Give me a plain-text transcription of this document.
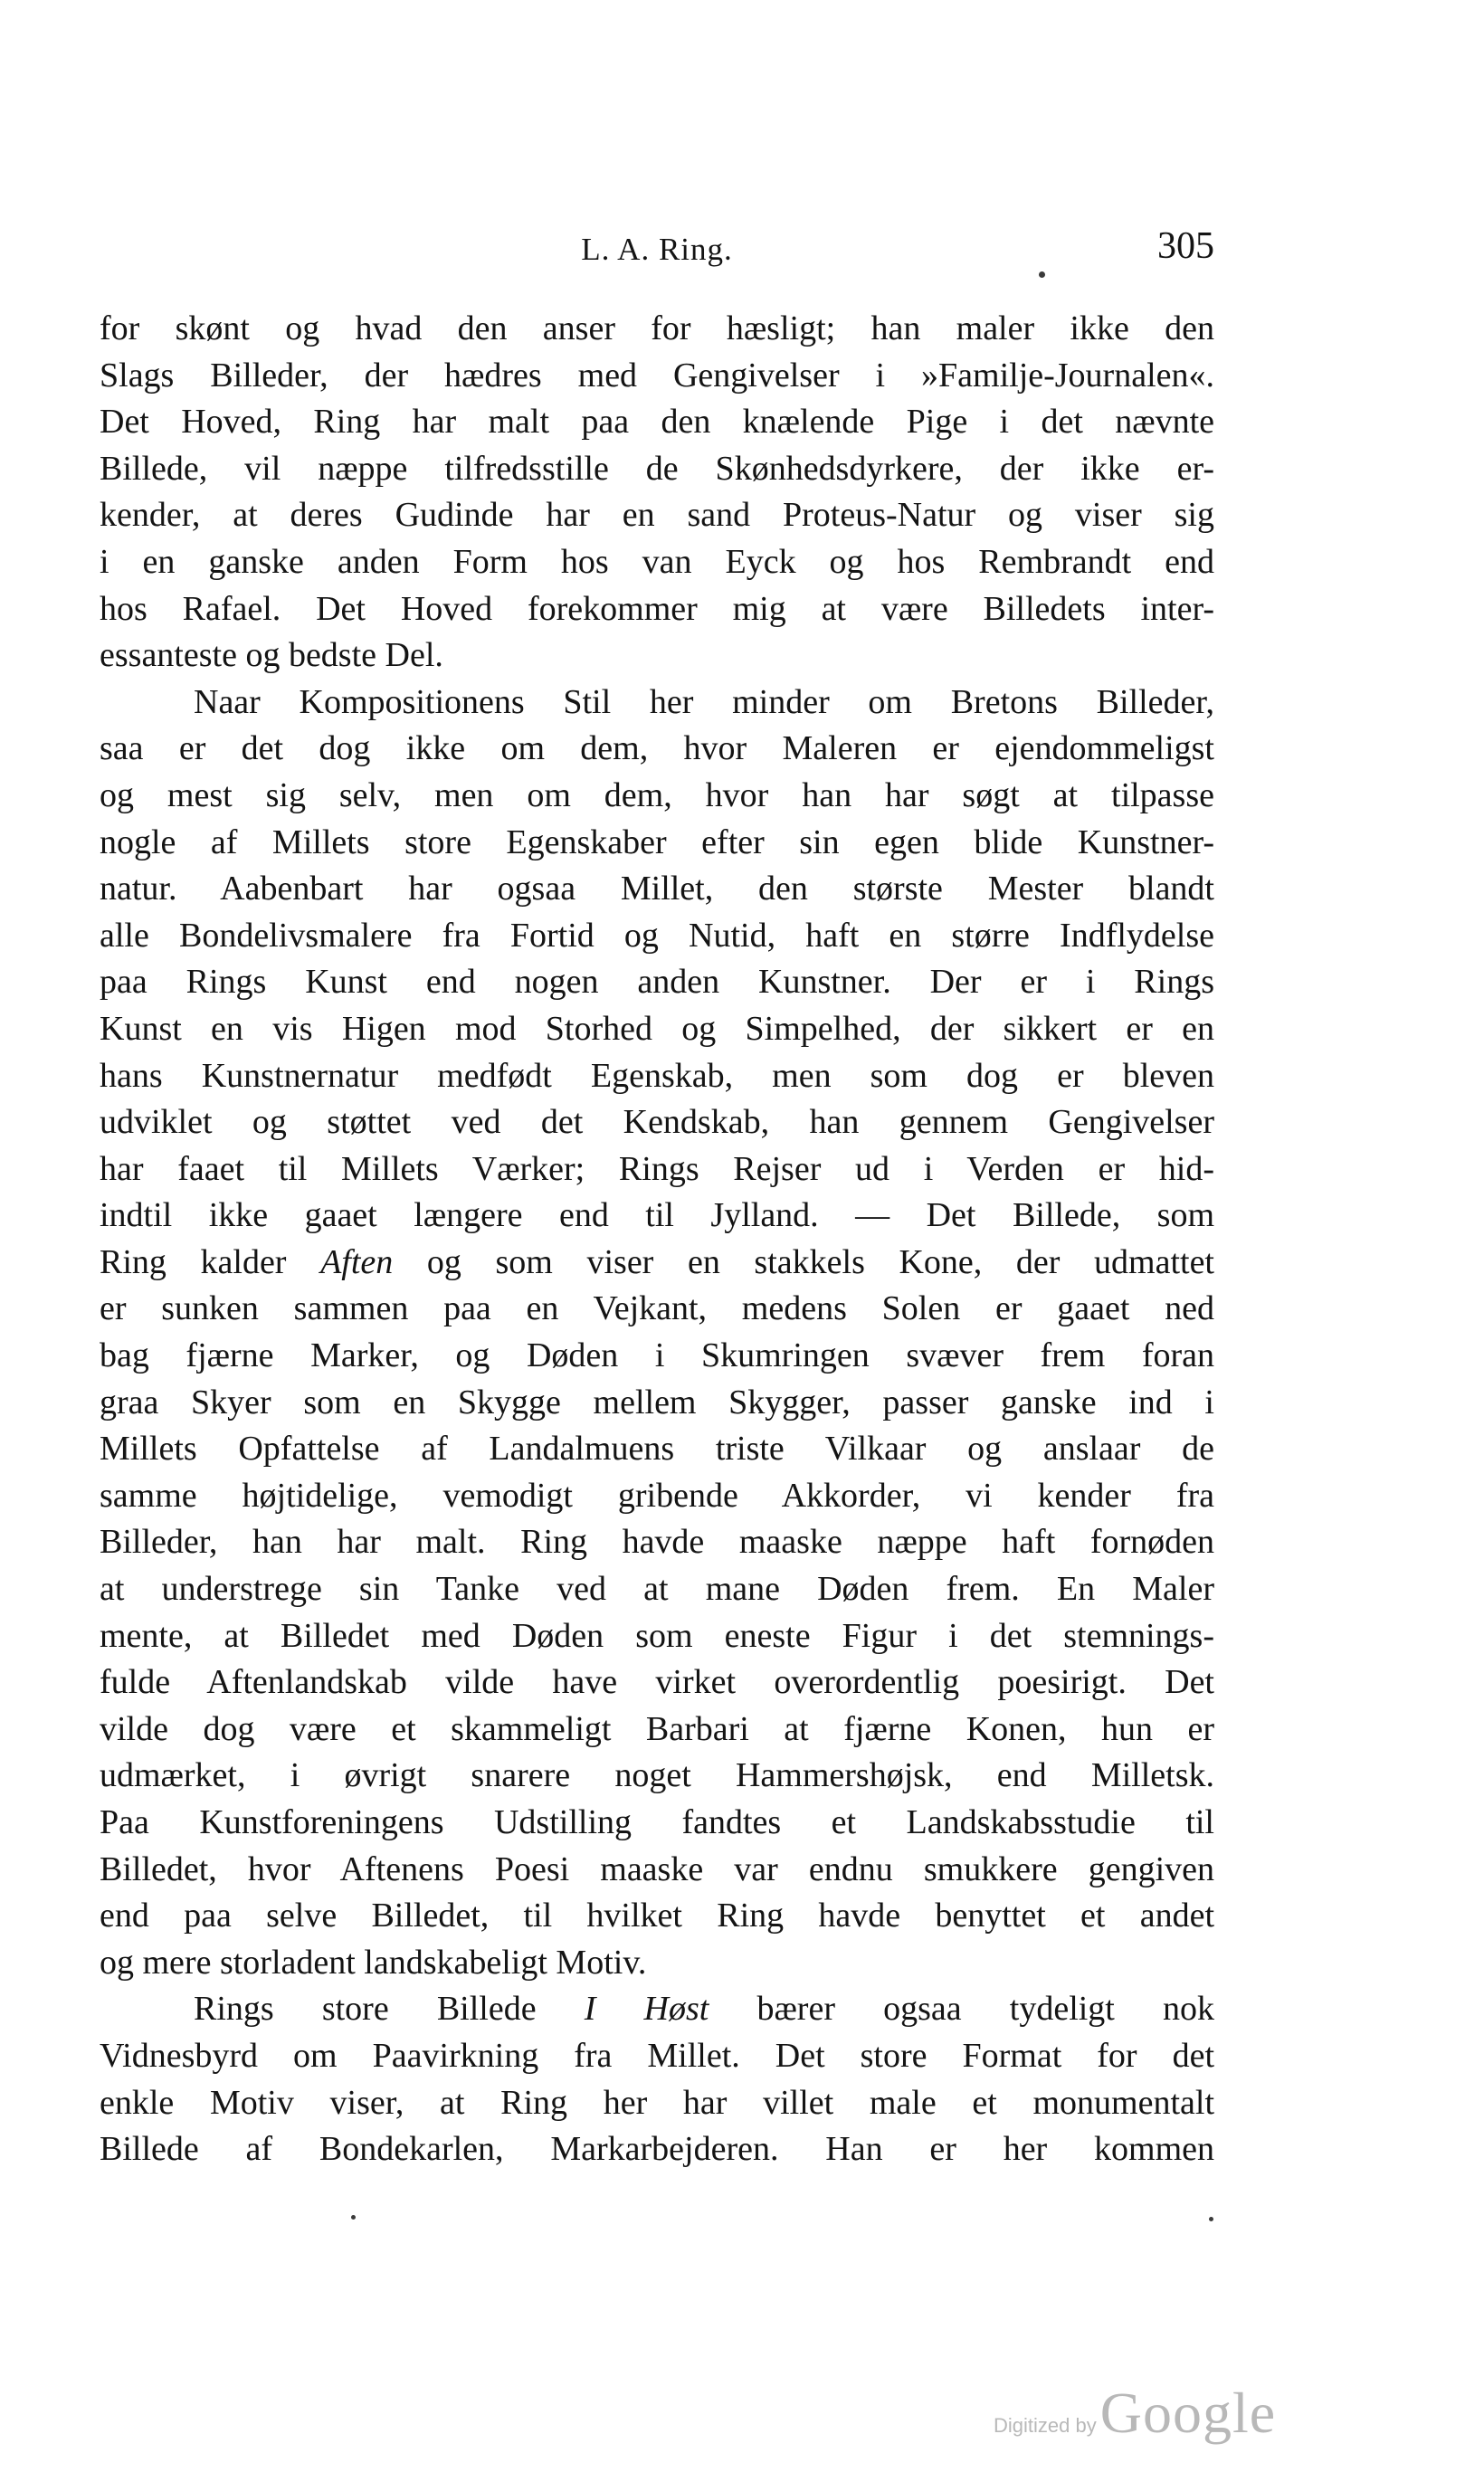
L. A. Ring.	305
for skønt og hvad den anser for hæsligt; han maler ikke den
Slags Billeder, der hædres med Gengivelser i »Familje-Journalen«.
Det Hoved, Ring har malt paa den knælende Pige i det nævnte
Billede, vil næppe tilfredsstille de Skønhedsdyrkere, der ikke er-
kender, at deres Gudinde har en sand Proteus-Natur og viser sig
i en ganske anden Form hos van Eyck og hos Rembrandt end
hos Rafael. Det Hoved forekommer mig at være Billedets inter-
essanteste og bedste Del.
Naar Kompositionens Stil her minder om Bretons Billeder,
saa er det dog ikke om dem, hvor Maleren er ejendommeligst
og mest sig selv, men om dem, hvor han har søgt at tilpasse
nogle af Millets store Egenskaber efter sin egen blide Kunstner-
natur. Aabenbart har ogsaa Millet, den største Mester blandt
alle Bondelivsmalere fra Fortid og Nutid, haft en større Indflydelse
paa Rings Kunst end nogen anden Kunstner. Der er i Rings
Kunst en vis Higen mod Storhed og Simpelhed, der sikkert er en
hans Kunstnernatur medfødt Egenskab, men som dog er bleven
udviklet og støttet ved det Kendskab, han gennem Gengivelser
har faaet til Millets Værker; Rings Rejser ud i Verden er hid-
indtil ikke gaaet længere end til Jylland. — Det Billede, som
Ring kalder Aften og som viser en stakkels Kone, der udmattet
er sunken sammen paa en Vejkant, medens Solen er gaaet ned
bag fjærne Marker, og Døden i Skumringen svæver frem foran
graa Skyer som en Skygge mellem Skygger, passer ganske ind i
Millets Opfattelse af Landalmuens triste Vilkaar og anslaar de
samme højtidelige, vemodigt gribende Akkorder, vi kender fra
Billeder, han har malt. Ring havde maaske næppe haft fornøden
at understrege sin Tanke ved at mane Døden frem. En Maler
mente, at Billedet med Døden som eneste Figur i det stemnings-
fulde Aftenlandskab vilde have virket overordentlig poesirigt. Det
vilde dog være et skammeligt Barbari at fjærne Konen, hun er
udmærket, i øvrigt snarere noget Hammershøjsk, end Milletsk.
Paa Kunstforeningens Udstilling fandtes et Landskabsstudie til
Billedet, hvor Aftenens Poesi maaske var endnu smukkere gengiven
end paa selve Billedet, til hvilket Ring havde benyttet et andet
og mere storladent landskabeligt Motiv.
Rings store Billede I Høst bærer ogsaa tydeligt nok
Vidnesbyrd om Paavirkning fra Millet. Det store Format for det
enkle Motiv viser, at Ring her har villet male et monumentalt
Billede af Bondekarlen, Markarbejderen. Han er her kommen
Digitized by Google
